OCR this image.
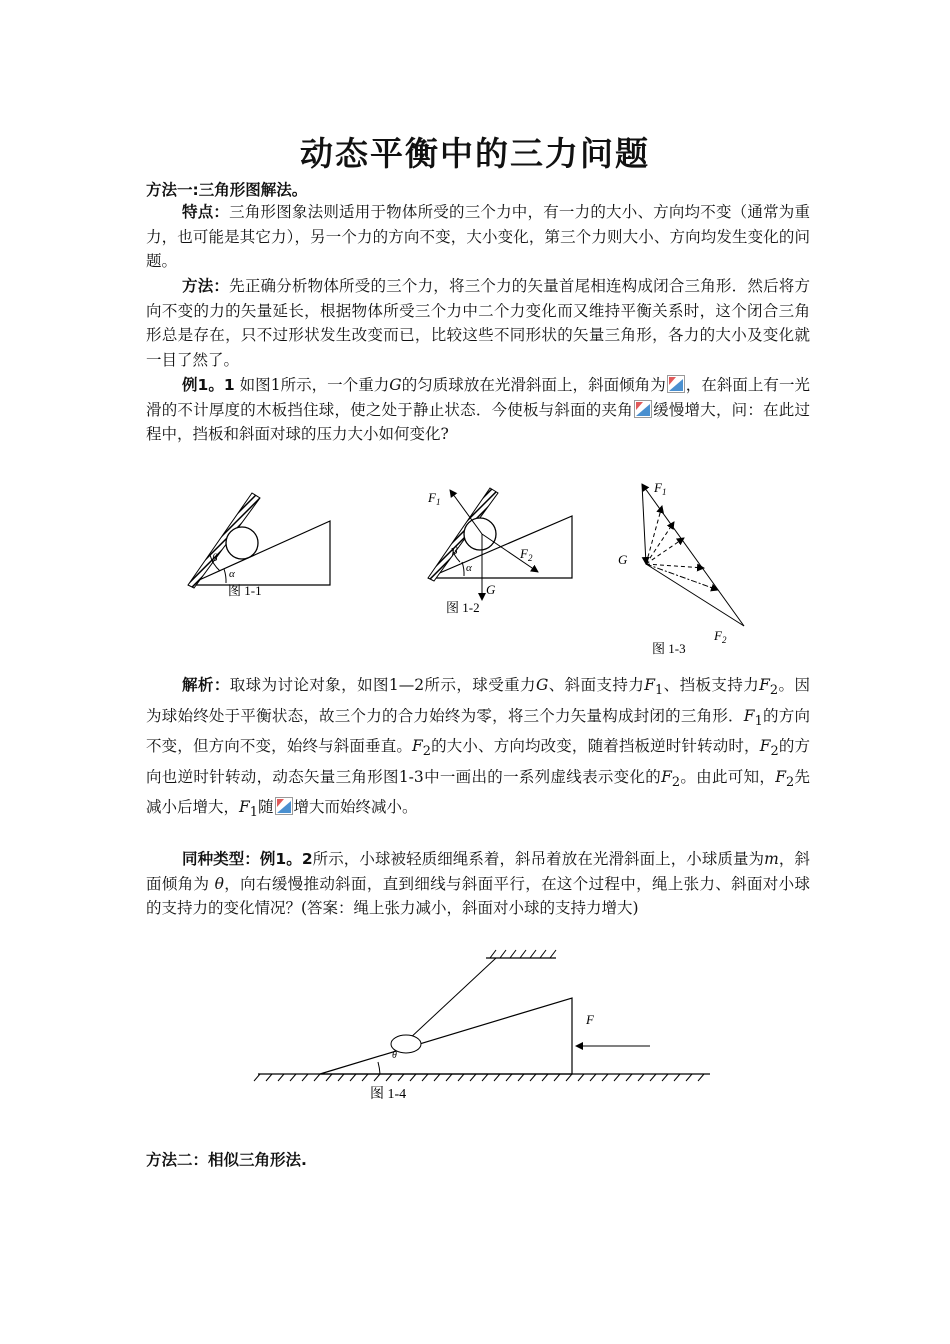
动态平衡中的三力问题
方法一:三角形图解法。
特点：三角形图象法则适用于物体所受的三个力中，有一力的大小、方向均不变（通常为重力，也可能是其它力），另一个力的方向不变，大小变化，第三个力则大小、方向均发生变化的问题。
方法：先正确分析物体所受的三个力，将三个力的矢量首尾相连构成闭合三角形．然后将方向不变的力的矢量延长，根据物体所受三个力中二个力变化而又维持平衡关系时，这个闭合三角形总是存在，只不过形状发生改变而已，比较这些不同形状的矢量三角形，各力的大小及变化就一目了然了。
例1。1 如图1所示，一个重力G的匀质球放在光滑斜面上，斜面倾角为 ，在斜面上有一光滑的不计厚度的木板挡住球，使之处于静止状态．今使板与斜面的夹角 缓慢增大，问：在此过程中，挡板和斜面对球的压力大小如何变化?
β
α
图 1-1
β
α
$F_1$
$F_2$
G
图 1-2
$F_1$
G
$F_2$
图 1-3
解析：取球为讨论对象，如图1—2所示，球受重力G、斜面支持力$F_1$、挡板支持力$F_2$。因为球始终处于平衡状态，故三个力的合力始终为零，将三个力矢量构成封闭的三角形．$F_1$的方向不变，但方向不变，始终与斜面垂直。$F_2$的大小、方向均改变，随着挡板逆时针转动时，$F_2$的方向也逆时针转动，动态矢量三角形图1-3中一画出的一系列虚线表示变化的$F_2$。由此可知，$F_2$先减小后增大，$F_1$随 增大而始终减小。
同种类型：例1。2所示，小球被轻质细绳系着，斜吊着放在光滑斜面上，小球质量为m，斜面倾角为 θ，向右缓慢推动斜面，直到细线与斜面平行，在这个过程中，绳上张力、斜面对小球的支持力的变化情况？(答案：绳上张力减小，斜面对小球的支持力增大)
θ
F
图 1-4
方法二：相似三角形法.
